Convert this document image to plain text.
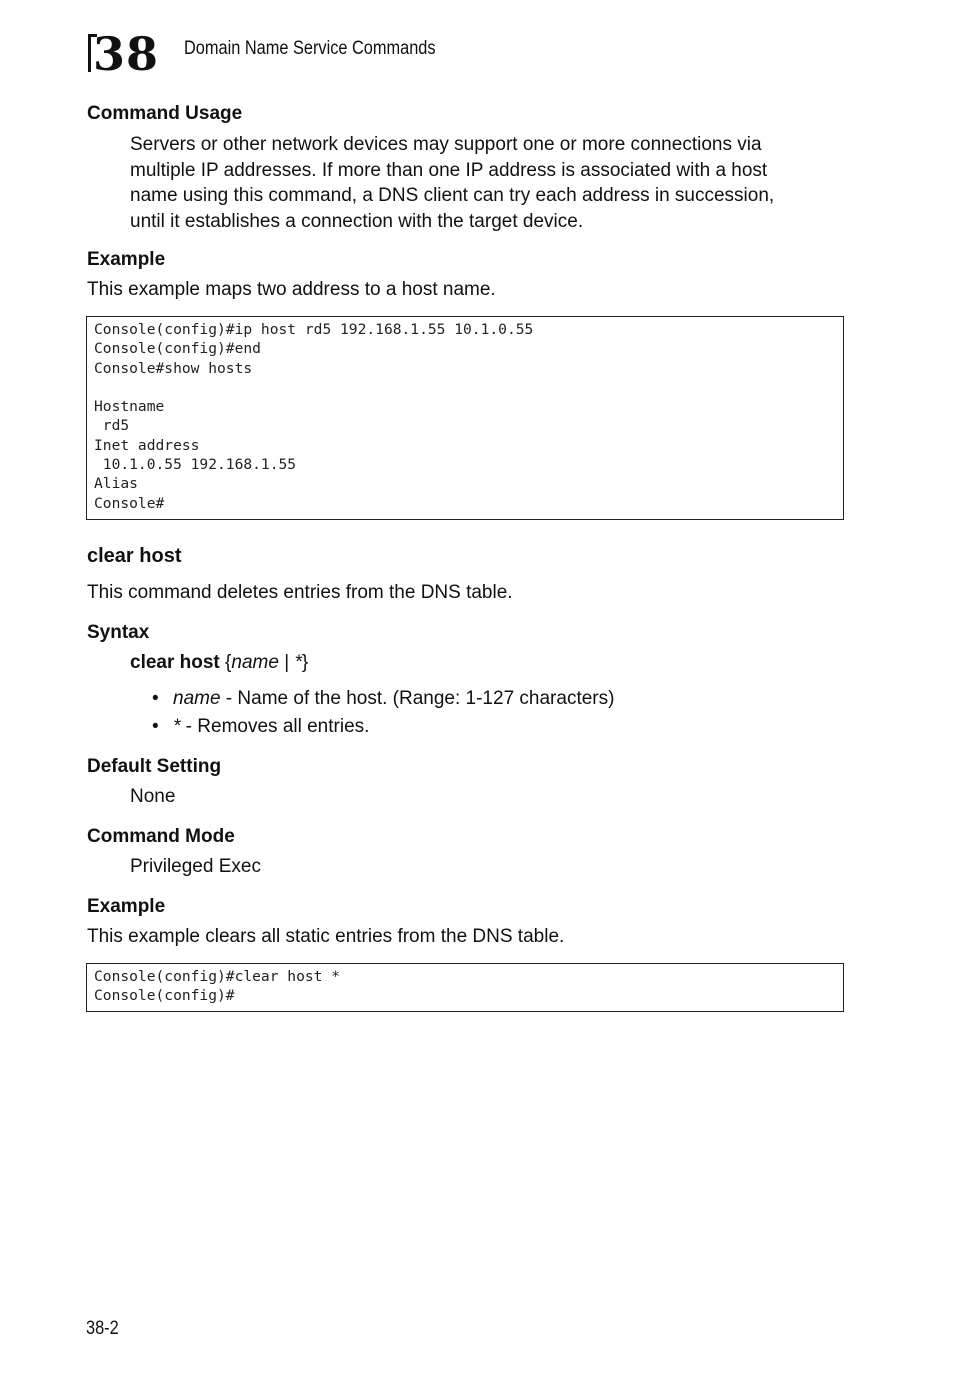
38 Domain Name Service Commands
Command Usage
Servers or other network devices may support one or more connections via
multiple IP addresses. If more than one IP address is associated with a host
name using this command, a DNS client can try each address in succession,
until it establishes a connection with the target device.
Example
This example maps two address to a host name.
Console(config)#ip host rd5 192.168.1.55 10.1.0.55
Console(config)#end
Console#show hosts
Hostname
rd5
Inet address
10.1.0.55 192.168.1.55
Alias
Console#
clear host
This command deletes entries from the DNS table.
Syntax
clear host {name | *}
• name - Name of the host. (Range: 1-127 characters)
• * - Removes all entries.
Default Setting
None
Command Mode
Privileged Exec
Example
This example clears all static entries from the DNS table.
Console(config)#clear host *
Console(config)#
38-2
